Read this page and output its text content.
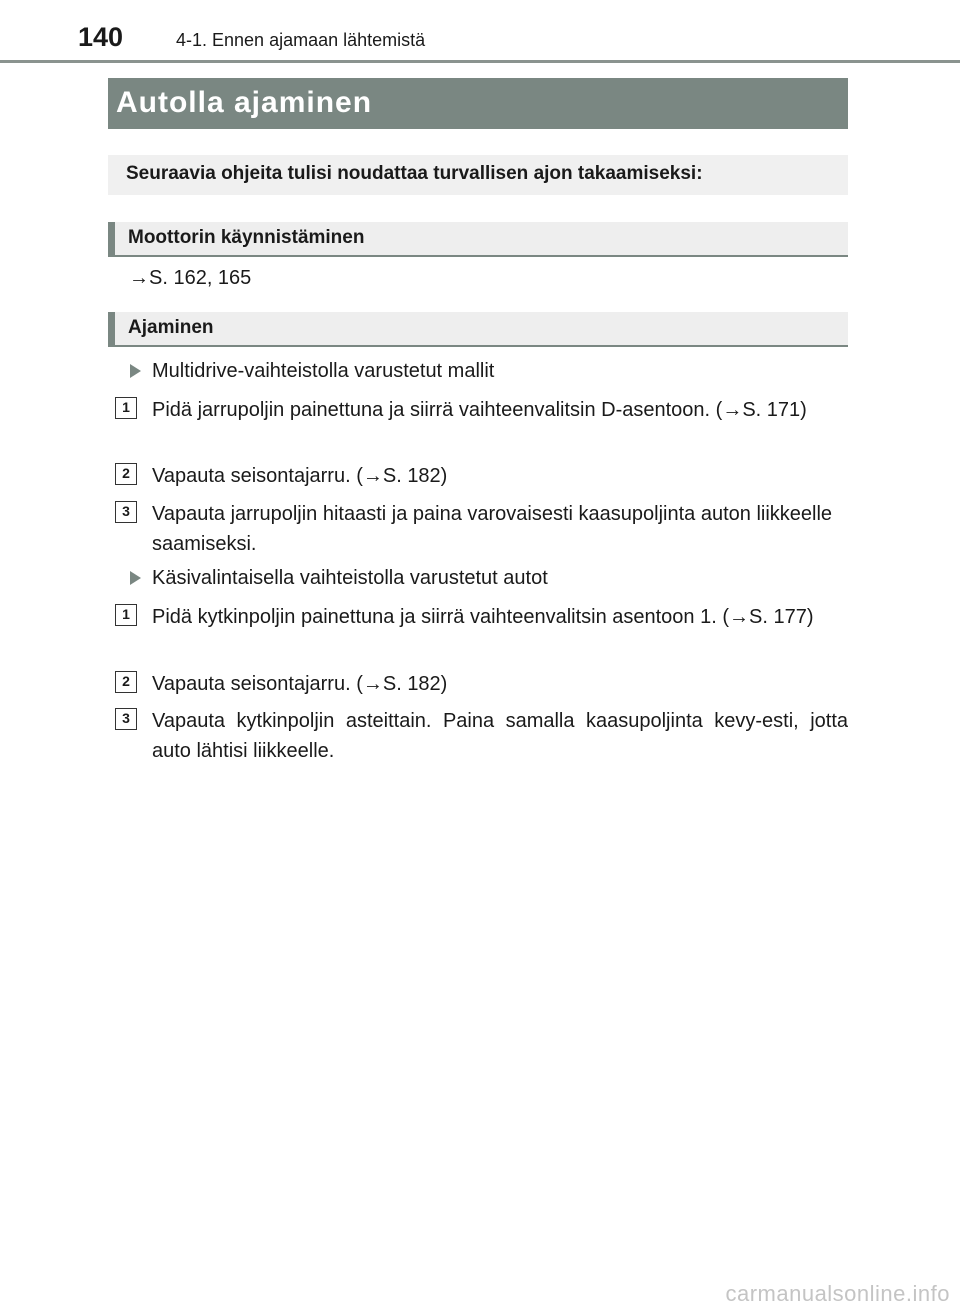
140	4-1. Ennen ajamaan lähtemistä
Autolla ajaminen
Seuraavia ohjeita tulisi noudattaa turvallisen ajon takaamiseksi:
Moottorin käynnistäminen
→S. 162, 165
Ajaminen
Multidrive-vaihteistolla varustetut mallit
1	Pidä jarrupoljin painettuna ja siirrä vaihteenvalitsin D-asentoon. (→S. 171)
2	Vapauta seisontajarru. (→S. 182)
3	Vapauta jarrupoljin hitaasti ja paina varovaisesti kaasupoljinta auton liikkeelle saamiseksi.
Käsivalintaisella vaihteistolla varustetut autot
1	Pidä kytkinpoljin painettuna ja siirrä vaihteenvalitsin asentoon 1. (→S. 177)
2	Vapauta seisontajarru. (→S. 182)
3	Vapauta kytkinpoljin asteittain. Paina samalla kaasupoljinta kevy-esti, jotta auto lähtisi liikkeelle.
carmanualsonline.info
